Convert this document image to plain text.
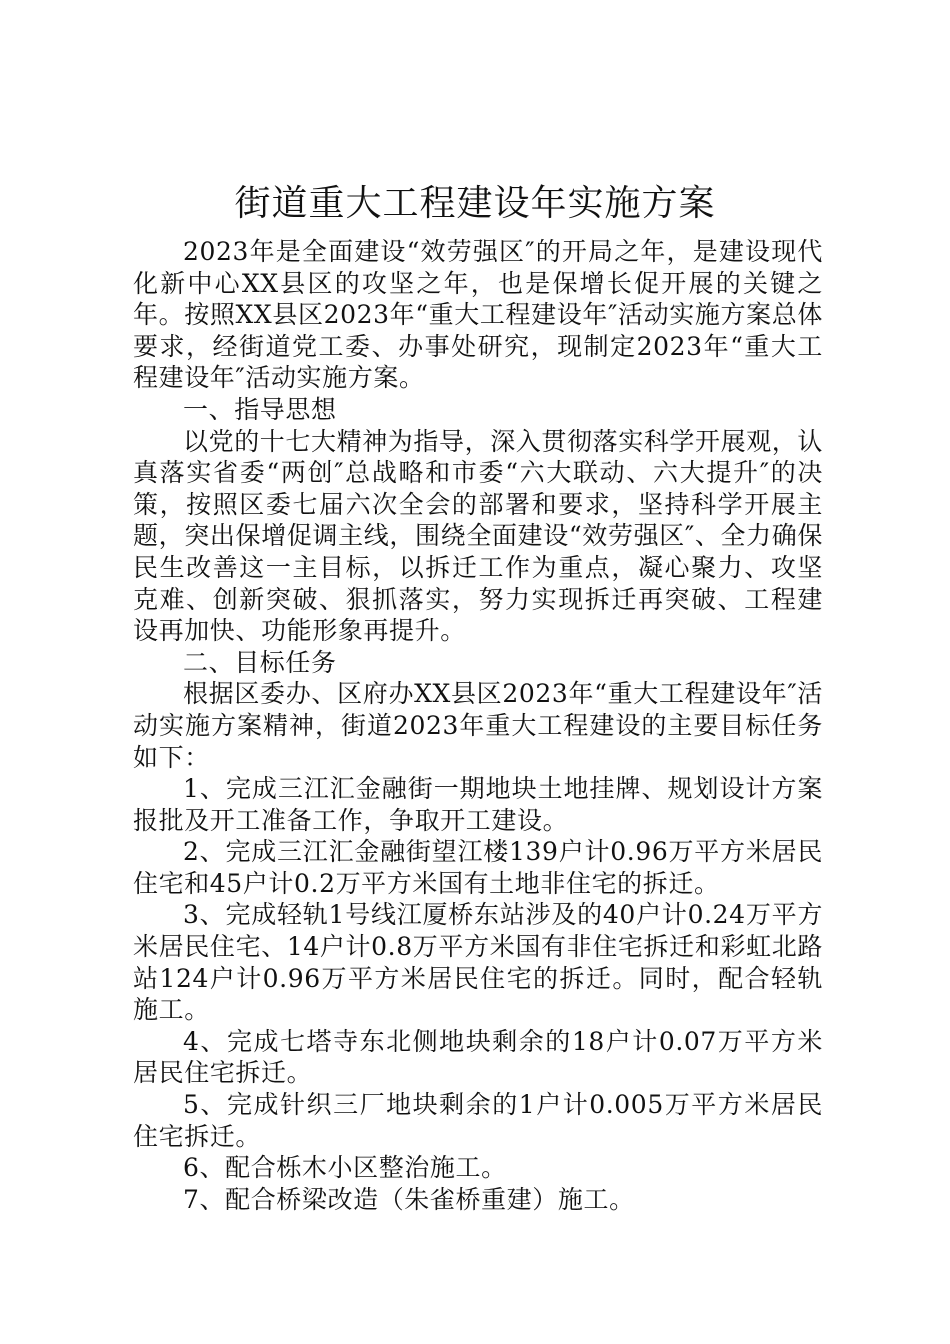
街道重大工程建设年实施方案

2023年是全面建设“效劳强区″的开局之年，是建设现代化新中心XX县区的攻坚之年，也是保增长促开展的关键之年。按照XX县区2023年“重大工程建设年″活动实施方案总体要求，经街道党工委、办事处研究，现制定2023年“重大工程建设年″活动实施方案。

一、指导思想

以党的十七大精神为指导，深入贯彻落实科学开展观，认真落实省委“两创″总战略和市委“六大联动、六大提升″的决策，按照区委七届六次全会的部署和要求，坚持科学开展主题，突出保增促调主线，围绕全面建设“效劳强区″、全力确保民生改善这一主目标，以拆迁工作为重点，凝心聚力、攻坚克难、创新突破、狠抓落实，努力实现拆迁再突破、工程建设再加快、功能形象再提升。

二、目标任务

根据区委办、区府办XX县区2023年“重大工程建设年″活动实施方案精神，街道2023年重大工程建设的主要目标任务如下：

1、完成三江汇金融街一期地块土地挂牌、规划设计方案报批及开工准备工作，争取开工建设。

2、完成三江汇金融街望江楼139户计0.96万平方米居民住宅和45户计0.2万平方米国有土地非住宅的拆迁。

3、完成轻轨1号线江厦桥东站涉及的40户计0.24万平方米居民住宅、14户计0.8万平方米国有非住宅拆迁和彩虹北路站124户计0.96万平方米居民住宅的拆迁。同时，配合轻轨施工。

4、完成七塔寺东北侧地块剩余的18户计0.07万平方米居民住宅拆迁。

5、完成针织三厂地块剩余的1户计0.005万平方米居民住宅拆迁。

6、配合栎木小区整治施工。

7、配合桥梁改造（朱雀桥重建）施工。
